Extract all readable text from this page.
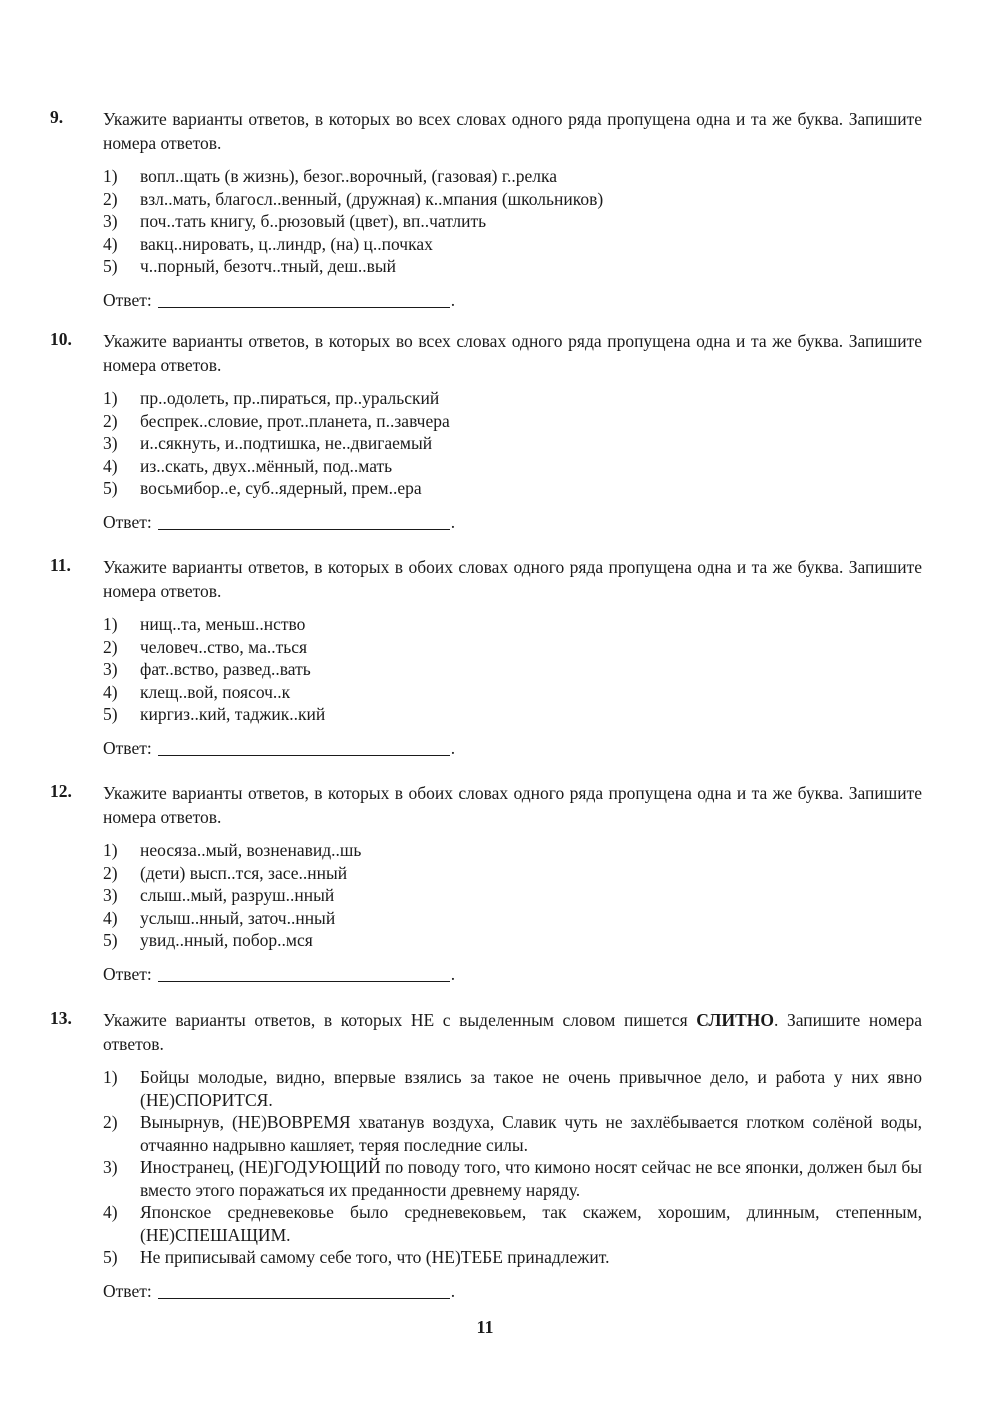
9.	Укажите варианты ответов, в которых во всех словах одного ряда пропущена одна и та же буква. Запишите номера ответов.

1)	вопл..щать (в жизнь), безог..ворочный, (газовая) г..релка
2)	взл..мать, благосл..венный, (дружная) к..мпания (школьников)
3)	поч..тать книгу, б..рюзовый (цвет), вп..чатлить
4)	вакц..нировать, ц..линдр, (на) ц..почках
5)	ч..порный, безотч..тный, деш..вый
Ответ:	.
10.	Укажите варианты ответов, в которых во всех словах одного ряда пропущена одна и та же буква. Запишите номера ответов.

1)	пр..одолеть, пр..пираться, пр..уральский
2)	беспрек..словие, прот..планета, п..завчера
3)	и..сякнуть, и..подтишка, не..двигаемый
4)	из..скать, двух..мённый, под..мать
5)	восьмибор..е, суб..ядерный, прем..ера
Ответ:	.
11.	Укажите варианты ответов, в которых в обоих словах одного ряда пропущена одна и та же буква. Запишите номера ответов.

1)	нищ..та, меньш..нство
2)	человеч..ство, ма..ться
3)	фат..вство, развед..вать
4)	клещ..вой, поясоч..к
5)	киргиз..кий, таджик..кий
Ответ:	.
12.	Укажите варианты ответов, в которых в обоих словах одного ряда пропущена одна и та же буква. Запишите номера ответов.

1)	неосяза..мый, возненавид..шь
2)	(дети) высп..тся, засе..нный
3)	слыш..мый, разруш..нный
4)	услыш..нный, заточ..нный
5)	увид..нный, побор..мся
Ответ:	.
13.	Укажите варианты ответов, в которых НЕ с выделенным словом пишется СЛИТНО. Запишите номера ответов.

1)	Бойцы молодые, видно, впервые взялись за такое не очень привычное дело, и работа у них явно (НЕ)СПОРИТСЯ.
2)	Вынырнув, (НЕ)ВОВРЕМЯ хватанув воздуха, Славик чуть не захлёбывается глотком солёной воды, отчаянно надрывно кашляет, теряя последние силы.
3)	Иностранец, (НЕ)ГОДУЮЩИЙ по поводу того, что кимоно носят сейчас не все японки, должен был бы вместо этого поражаться их преданности древнему наряду.
4)	Японское средневековье было средневековьем, так скажем, хорошим, длинным, степенным, (НЕ)СПЕШАЩИМ.
5)	Не приписывай самому себе того, что (НЕ)ТЕБЕ принадлежит.
Ответ:	.
11
